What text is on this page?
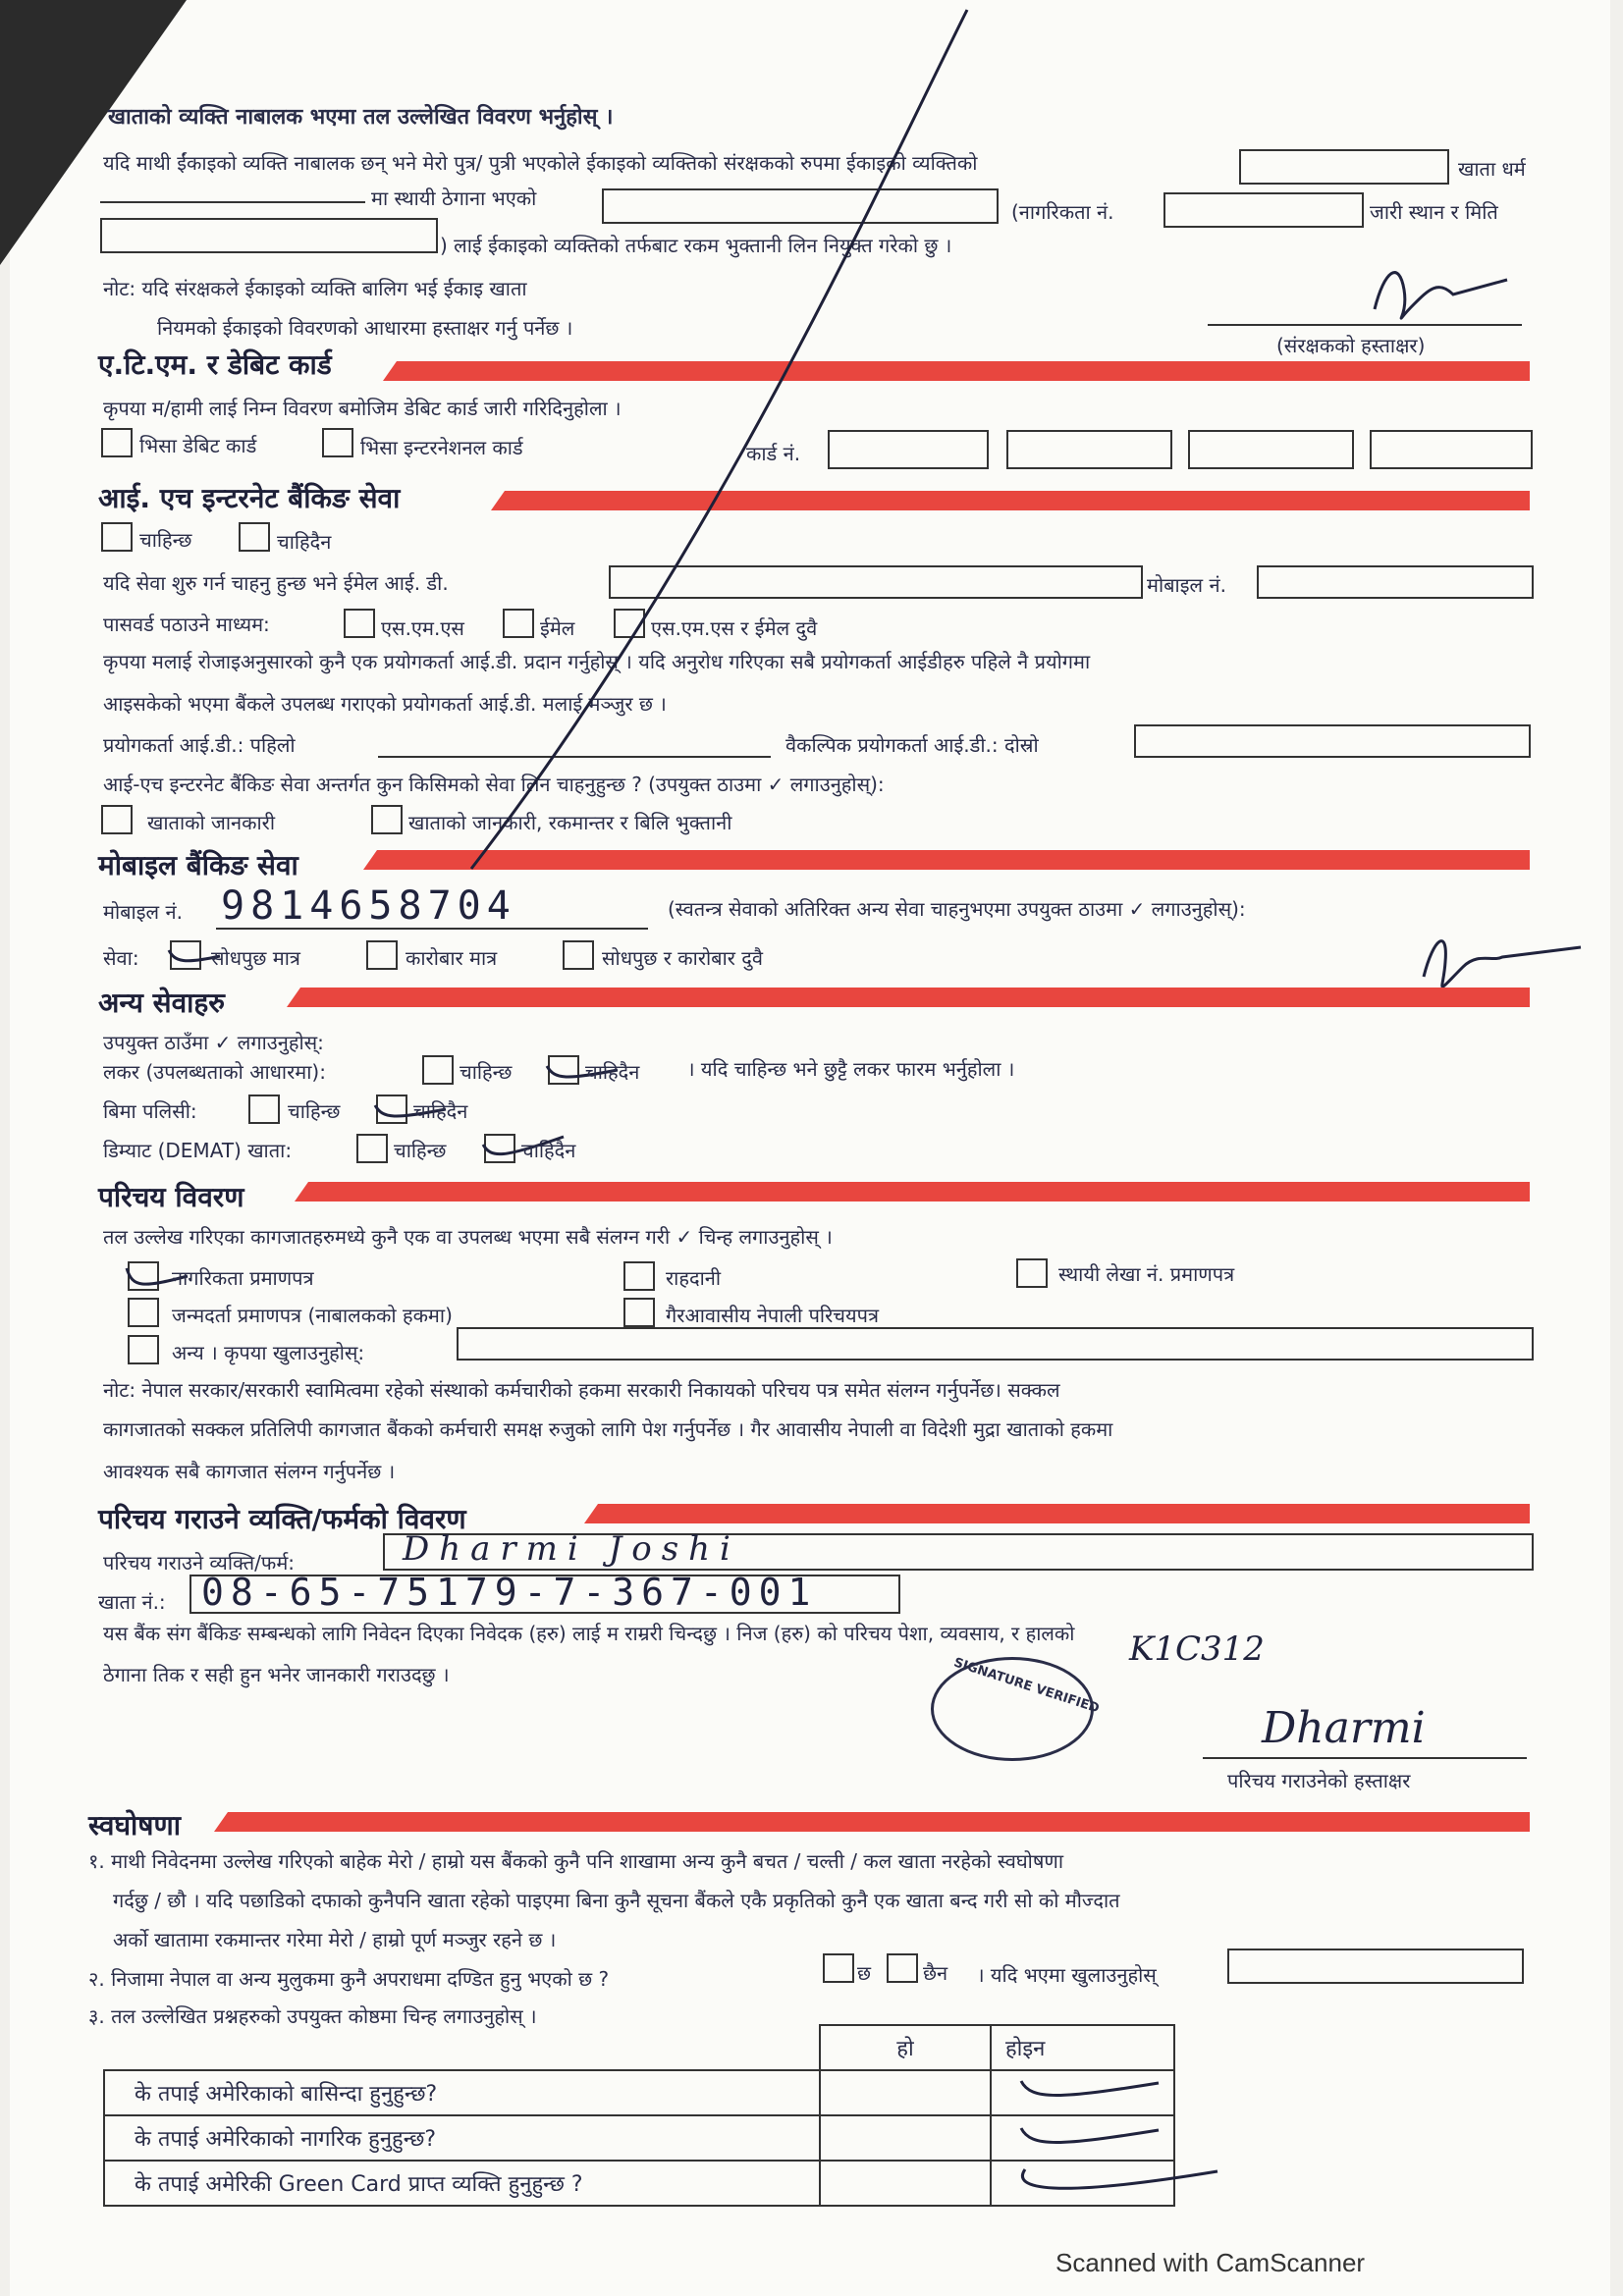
खाताको व्यक्ति नाबालक भएमा तल उल्लेखित विवरण भर्नुहोस् ।
यदि माथी ईंकाइको व्यक्ति नाबालक छन् भने मेरो पुत्र/ पुत्री भएकोले ईकाइको व्यक्तिको संरक्षकको रुपमा ईकाइको व्यक्तिको	खाता धर्म
मा स्थायी ठेगाना भएको
(नागरिकता नं.	जारी स्थान र मिति
) लाई ईकाइको व्यक्तिको तर्फबाट रकम भुक्तानी लिन नियुक्त गरेको छु ।
नोट: यदि संरक्षकले ईकाइको व्यक्ति बालिग भई ईकाइ खाता
नियमको ईकाइको विवरणको आधारमा हस्ताक्षर गर्नु पर्नेछ ।
(संरक्षकको हस्ताक्षर)
ए.टि.एम. र डेबिट कार्ड
कृपया म/हामी लाई निम्न विवरण बमोजिम डेबिट कार्ड जारी गरिदिनुहोला ।
भिसा डेबिट कार्ड	भिसा इन्टरनेशनल कार्ड	कार्ड नं.
आई. एच इन्टरनेट बैंकिङ सेवा
चाहिन्छ	चाहिदैन
यदि सेवा शुरु गर्न चाहनु हुन्छ भने ईमेल आई. डी.	मोबाइल नं.
पासवर्ड पठाउने माध्यम:	एस.एम.एस	ईमेल	एस.एम.एस र ईमेल दुवै
कृपया मलाई रोजाइअनुसारको कुनै एक प्रयोगकर्ता आई.डी. प्रदान गर्नुहोस् । यदि अनुरोध गरिएका सबै प्रयोगकर्ता आईडीहरु पहिले नै प्रयोगमा
आइसकेको भएमा बैंकले उपलब्ध गराएको प्रयोगकर्ता आई.डी. मलाई मञ्जुर छ ।
प्रयोगकर्ता आई.डी.: पहिलो	वैकल्पिक प्रयोगकर्ता आई.डी.: दोस्रो
आई-एच इन्टरनेट बैंकिङ सेवा अन्तर्गत कुन किसिमको सेवा लिन चाहनुहुन्छ ? (उपयुक्त ठाउमा ✓ लगाउनुहोस्):
खाताको जानकारी	खाताको जानकारी, रकमान्तर र बिलि भुक्तानी
मोबाइल बैंकिङ सेवा
मोबाइल नं. 9814658704	(स्वतन्त्र सेवाको अतिरिक्त अन्य सेवा चाहनुभएमा उपयुक्त ठाउमा ✓ लगाउनुहोस्):
सेवा:	सोधपुछ मात्र	कारोबार मात्र	सोधपुछ र कारोबार दुवै
अन्य सेवाहरु
उपयुक्त ठाउँमा ✓ लगाउनुहोस्:
लकर (उपलब्धताको आधारमा):	चाहिन्छ	चाहिदैन । यदि चाहिन्छ भने छुट्टै लकर फारम भर्नुहोला ।
बिमा पलिसी:	चाहिन्छ	चाहिदैन
डिम्याट (DEMAT) खाता:	चाहिन्छ	चाहिदैन
परिचय विवरण
तल उल्लेख गरिएका कागजातहरुमध्ये कुनै एक वा उपलब्ध भएमा सबै संलग्न गरी ✓ चिन्ह लगाउनुहोस् ।
नागरिकता प्रमाणपत्र	राहदानी	स्थायी लेखा नं. प्रमाणपत्र
जन्मदर्ता प्रमाणपत्र (नाबालकको हकमा)	गैरआवासीय नेपाली परिचयपत्र
अन्य । कृपया खुलाउनुहोस्:
नोट: नेपाल सरकार/सरकारी स्वामित्वमा रहेको संस्थाको कर्मचारीको हकमा सरकारी निकायको परिचय पत्र समेत संलग्न गर्नुपर्नेछ। सक्कल
कागजातको सक्कल प्रतिलिपी कागजात बैंकको कर्मचारी समक्ष रुजुको लागि पेश गर्नुपर्नेछ । गैर आवासीय नेपाली वा विदेशी मुद्रा खाताको हकमा
आवश्यक सबै कागजात संलग्न गर्नुपर्नेछ ।
परिचय गराउने व्यक्ति/फर्मको विवरण
परिचय गराउने व्यक्ति/फर्म:	Dharmi Joshi
खाता नं.: 08-65-75179-7-367-001
यस बैंक संग बैंकिङ सम्बन्धको लागि निवेदन दिएका निवेदक (हरु) लाई म राम्ररी चिन्दछु । निज (हरु) को परिचय पेशा, व्यवसाय, र हालको
ठेगाना तिक र सही हुन भनेर जानकारी गराउदछु ।
K1C312
SIGNATURE VERIFIED
Dharmi
परिचय गराउनेको हस्ताक्षर
स्वघोषणा
१. माथी निवेदनमा उल्लेख गरिएको बाहेक मेरो / हाम्रो यस बैंकको कुनै पनि शाखामा अन्य कुनै बचत / चल्ती / कल खाता नरहेको स्वघोषणा
गर्दछु / छौ । यदि पछाडिको दफाको कुनैपनि खाता रहेको पाइएमा बिना कुनै सूचना बैंकले एकै प्रकृतिको कुनै एक खाता बन्द गरी सो को मौज्दात
अर्को खातामा रकमान्तर गरेमा मेरो / हाम्रो पूर्ण मञ्जुर रहने छ ।
२. निजामा नेपाल वा अन्य मुलुकमा कुनै अपराधमा दण्डित हुनु भएको छ ?	छ	छैन । यदि भएमा खुलाउनुहोस्
३. तल उल्लेखित प्रश्नहरुको उपयुक्त कोष्ठमा चिन्ह लगाउनुहोस् ।
	हो	होइन
के तपाई अमेरिकाको बासिन्दा हुनुहुन्छ?		
के तपाई अमेरिकाको नागरिक हुनुहुन्छ?		
के तपाई अमेरिकी Green Card प्राप्त व्यक्ति हुनुहुन्छ ?		
Scanned with CamScanner
